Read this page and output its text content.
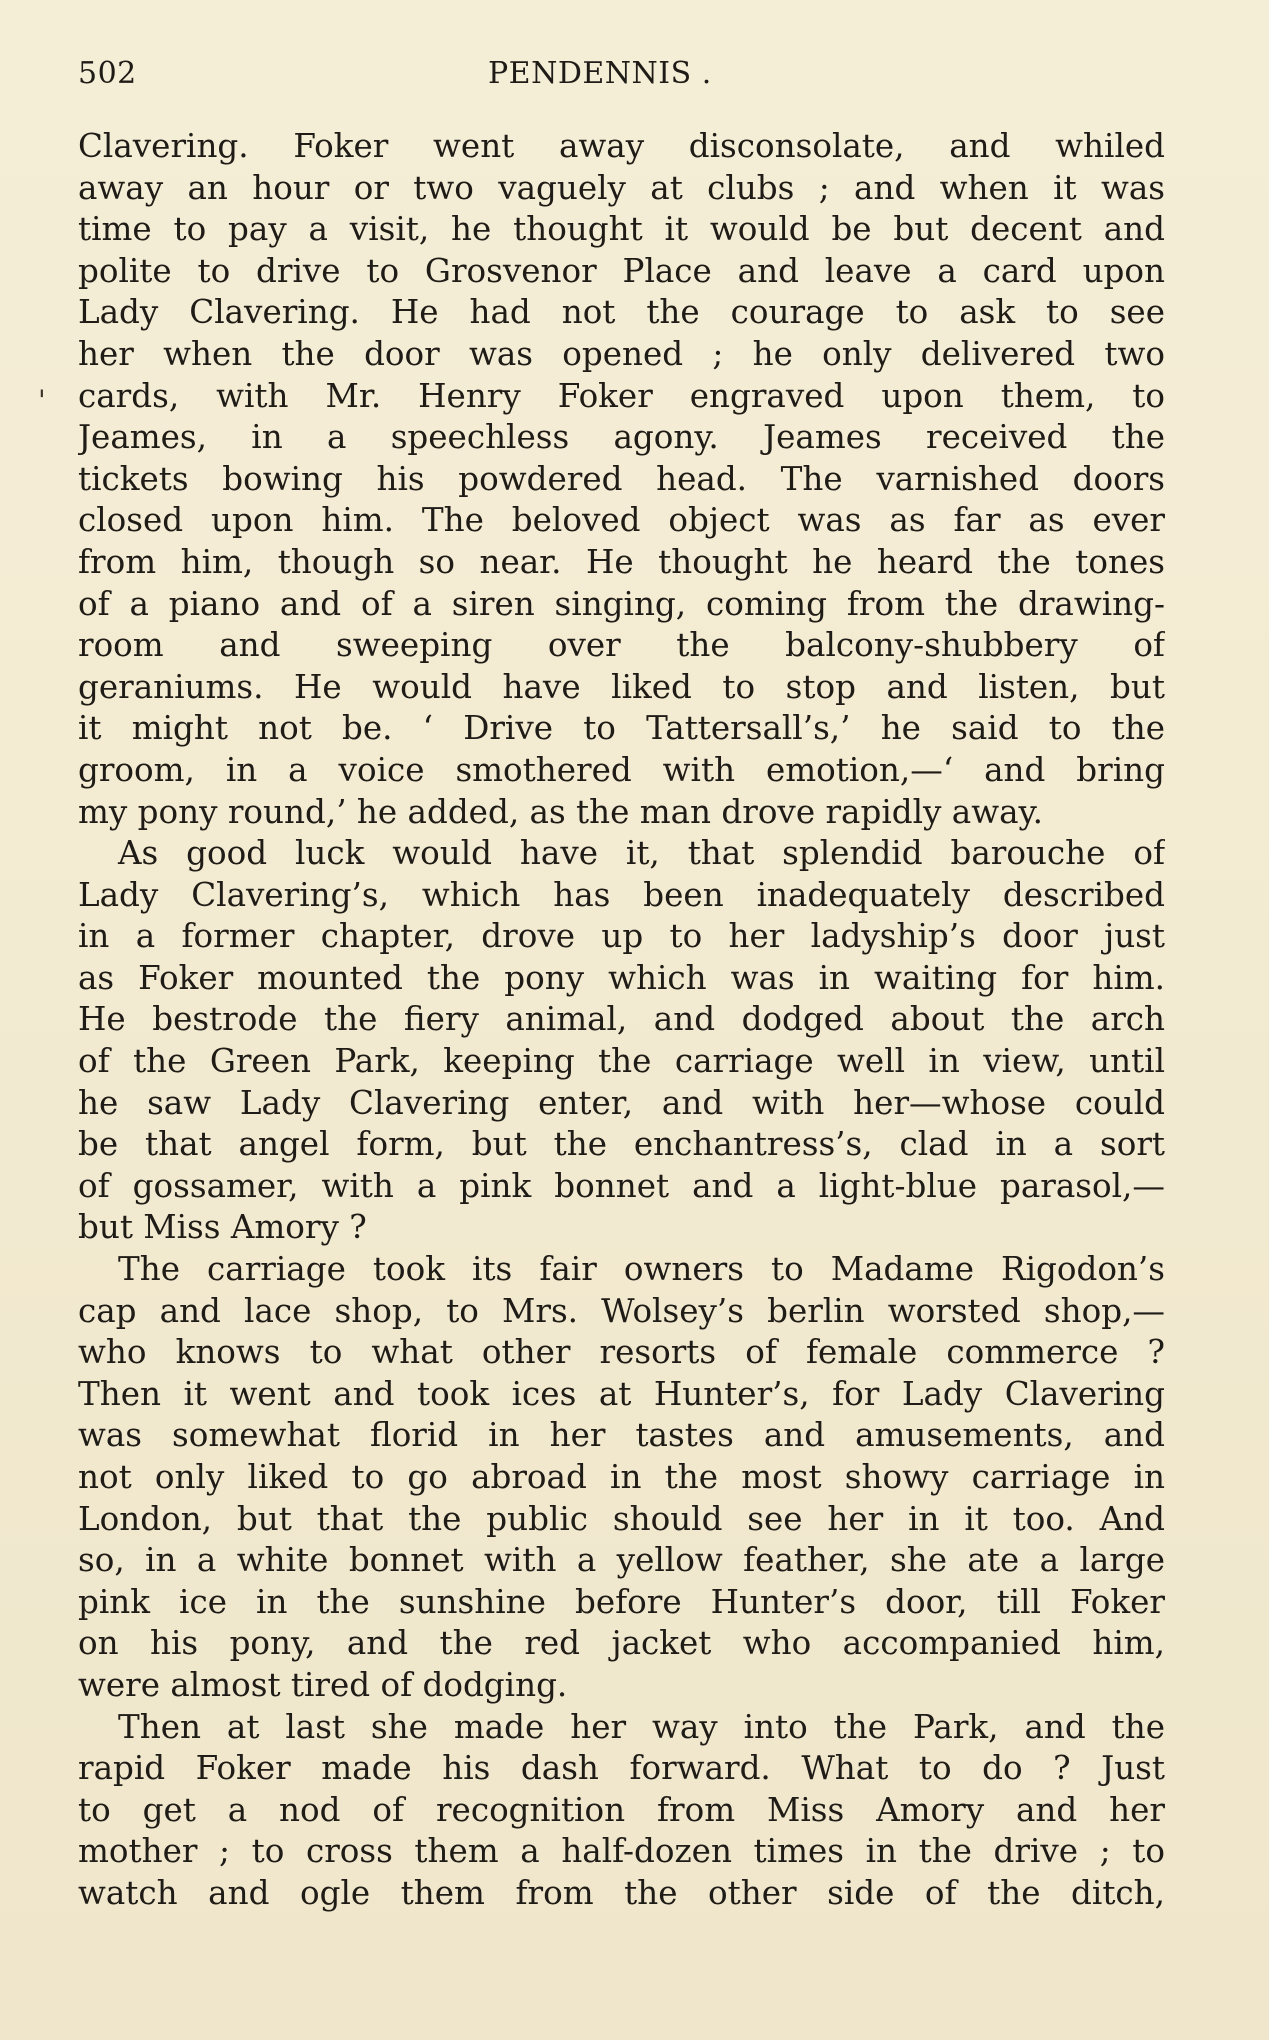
502	PENDENNIS .
'
Clavering. Foker went away disconsolate, and whiled
away an hour or two vaguely at clubs ; and when it was
time to pay a visit, he thought it would be but decent and
polite to drive to Grosvenor Place and leave a card upon
Lady Clavering. He had not the courage to ask to see
her when the door was opened ; he only delivered two
cards, with Mr. Henry Foker engraved upon them, to
Jeames, in a speechless agony. Jeames received the
tickets bowing his powdered head. The varnished doors
closed upon him. The beloved object was as far as ever
from him, though so near. He thought he heard the tones
of a piano and of a siren singing, coming from the drawing-
room and sweeping over the balcony-shubbery of
geraniums. He would have liked to stop and listen, but
it might not be. ‘ Drive to Tattersall’s,’ he said to the
groom, in a voice smothered with emotion,—‘ and bring
my pony round,’ he added, as the man drove rapidly away.
As good luck would have it, that splendid barouche of
Lady Clavering’s, which has been inadequately described
in a former chapter, drove up to her ladyship’s door just
as Foker mounted the pony which was in waiting for him.
He bestrode the fiery animal, and dodged about the arch
of the Green Park, keeping the carriage well in view, until
he saw Lady Clavering enter, and with her—whose could
be that angel form, but the enchantress’s, clad in a sort
of gossamer, with a pink bonnet and a light-blue parasol,—
but Miss Amory ?
The carriage took its fair owners to Madame Rigodon’s
cap and lace shop, to Mrs. Wolsey’s berlin worsted shop,—
who knows to what other resorts of female commerce ?
Then it went and took ices at Hunter’s, for Lady Clavering
was somewhat florid in her tastes and amusements, and
not only liked to go abroad in the most showy carriage in
London, but that the public should see her in it too. And
so, in a white bonnet with a yellow feather, she ate a large
pink ice in the sunshine before Hunter’s door, till Foker
on his pony, and the red jacket who accompanied him,
were almost tired of dodging.
Then at last she made her way into the Park, and the
rapid Foker made his dash forward. What to do ? Just
to get a nod of recognition from Miss Amory and her
mother ; to cross them a half-dozen times in the drive ; to
watch and ogle them from the other side of the ditch,
